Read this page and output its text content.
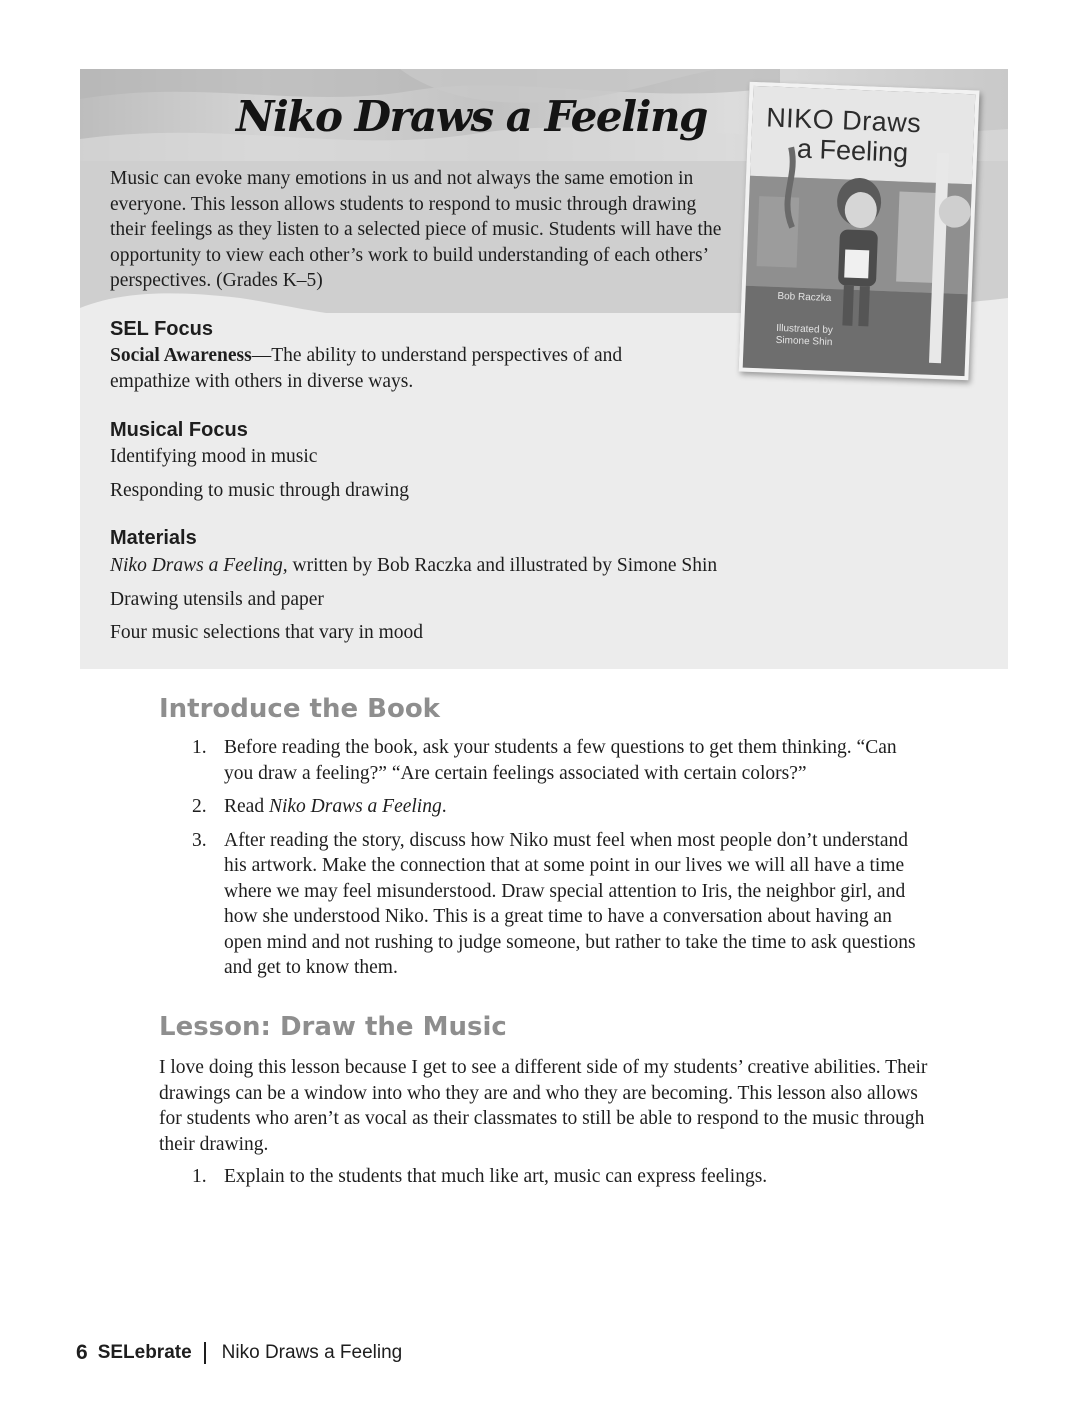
Niko Draws a Feeling

Music can evoke many emotions in us and not always the same emotion in everyone. This lesson allows students to respond to music through drawing their feelings as they listen to a selected piece of music. Students will have the opportunity to view each other’s work to build understanding of each others’ perspectives. (Grades K–5)

NIKO Draws

a Feeling

Bob Raczka
Illustrated by Simone Shin
SEL Focus

Social Awareness—The ability to understand perspectives of and empathize with others in diverse ways.

Musical Focus

Identifying mood in music

Responding to music through drawing

Materials

Niko Draws a Feeling, written by Bob Raczka and illustrated by Simone Shin

Drawing utensils and paper

Four music selections that vary in mood

Introduce the Book
1. Before reading the book, ask your students a few questions to get them thinking. “Can you draw a feeling?” “Are certain feelings associated with certain colors?”
2. Read Niko Draws a Feeling.
3. After reading the story, discuss how Niko must feel when most people don’t understand his artwork. Make the connection that at some point in our lives we will all have a time where we may feel misunderstood. Draw special attention to Iris, the neighbor girl, and how she understood Niko. This is a great time to have a conversation about having an open mind and not rushing to judge someone, but rather to take the time to ask questions and get to know them.
Lesson: Draw the Music

I love doing this lesson because I get to see a different side of my students’ creative abilities. Their drawings can be a window into who they are and who they are becoming. This lesson also allows for students who aren’t as vocal as their classmates to still be able to respond to the music through their drawing.

1. Explain to the students that much like art, music can express feelings.
6 SELebrate Niko Draws a Feeling
